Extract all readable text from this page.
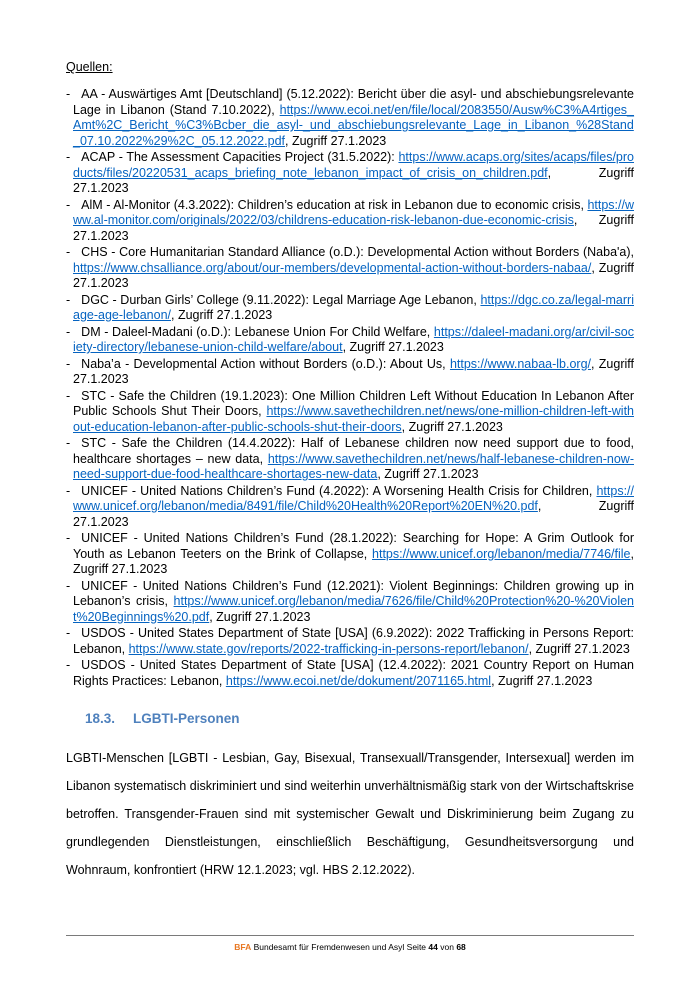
Quellen:
- AA - Auswärtiges Amt [Deutschland] (5.12.2022): Bericht über die asyl- und abschiebungsrelevante Lage in Libanon (Stand 7.10.2022), https://www.ecoi.net/en/file/local/2083550/Ausw%C3%A4rtiges_Amt%2C_Bericht_%C3%Bcber_die_asyl-_und_abschiebungsrelevante_Lage_in_Libanon_%28Stand_07.10.2022%29%2C_05.12.2022.pdf, Zugriff 27.1.2023
- ACAP - The Assessment Capacities Project (31.5.2022): https://www.acaps.org/sites/acaps/files/products/files/20220531_acaps_briefing_note_lebanon_impact_of_crisis_on_children.pdf, Zugriff 27.1.2023
- AlM - Al-Monitor (4.3.2022): Children’s education at risk in Lebanon due to economic crisis, https://www.al-monitor.com/originals/2022/03/childrens-education-risk-lebanon-due-economic-crisis, Zugriff 27.1.2023
- CHS - Core Humanitarian Standard Alliance (o.D.): Developmental Action without Borders (Naba'a), https://www.chsalliance.org/about/our-members/developmental-action-without-borders-nabaa/, Zugriff 27.1.2023
- DGC - Durban Girls’ College (9.11.2022): Legal Marriage Age Lebanon, https://dgc.co.za/legal-marriage-age-lebanon/, Zugriff 27.1.2023
- DM - Daleel-Madani (o.D.): Lebanese Union For Child Welfare, https://daleel-madani.org/ar/civil-society-directory/lebanese-union-child-welfare/about, Zugriff 27.1.2023
- Naba’a - Developmental Action without Borders (o.D.): About Us, https://www.nabaa-lb.org/, Zugriff 27.1.2023
- STC - Safe the Children (19.1.2023): One Million Children Left Without Education In Lebanon After Public Schools Shut Their Doors, https://www.savethechildren.net/news/one-million-children-left-without-education-lebanon-after-public-schools-shut-their-doors, Zugriff 27.1.2023
- STC - Safe the Children (14.4.2022): Half of Lebanese children now need support due to food, healthcare shortages – new data, https://www.savethechildren.net/news/half-lebanese-children-now-need-support-due-food-healthcare-shortages-new-data, Zugriff 27.1.2023
- UNICEF - United Nations Children’s Fund (4.2022): A Worsening Health Crisis for Children, https://www.unicef.org/lebanon/media/8491/file/Child%20Health%20Report%20EN%20.pdf, Zugriff 27.1.2023
- UNICEF - United Nations Children’s Fund (28.1.2022): Searching for Hope: A Grim Outlook for Youth as Lebanon Teeters on the Brink of Collapse, https://www.unicef.org/lebanon/media/7746/file, Zugriff 27.1.2023
- UNICEF - United Nations Children’s Fund (12.2021): Violent Beginnings: Children growing up in Lebanon’s crisis, https://www.unicef.org/lebanon/media/7626/file/Child%20Protection%20-%20Violent%20Beginnings%20.pdf, Zugriff 27.1.2023
- USDOS - United States Department of State [USA] (6.9.2022): 2022 Trafficking in Persons Report: Lebanon, https://www.state.gov/reports/2022-trafficking-in-persons-report/lebanon/, Zugriff 27.1.2023
- USDOS - United States Department of State [USA] (12.4.2022): 2021 Country Report on Human Rights Practices: Lebanon, https://www.ecoi.net/de/dokument/2071165.html, Zugriff 27.1.2023
18.3. LGBTI-Personen

LGBTI-Menschen [LGBTI - Lesbian, Gay, Bisexual, Transexuall/Transgender, Intersexual] werden im Libanon systematisch diskriminiert und sind weiterhin unverhältnismäßig stark von der Wirtschaftskrise betroffen. Transgender-Frauen sind mit systemischer Gewalt und Diskriminierung beim Zugang zu grundlegenden Dienstleistungen, einschließlich Beschäftigung, Gesundheitsversorgung und Wohnraum, konfrontiert (HRW 12.1.2023; vgl. HBS 2.12.2022).

BFA Bundesamt für Fremdenwesen und Asyl Seite 44 von 68
